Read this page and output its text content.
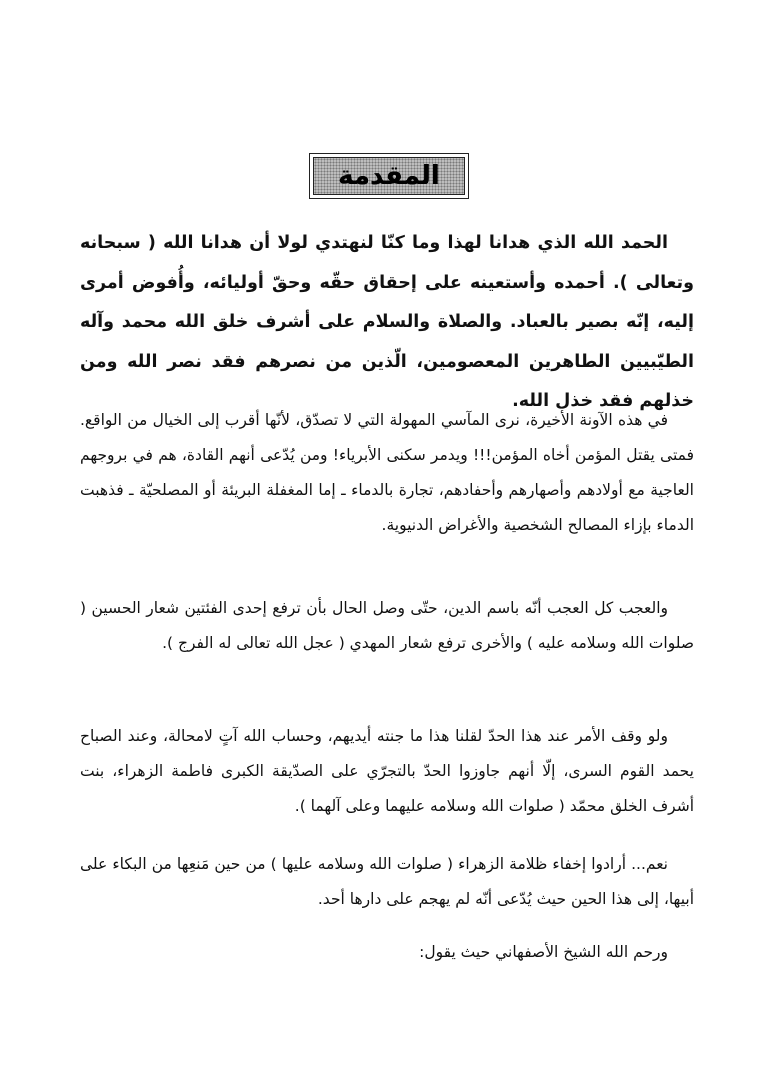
المقدمة

الحمد الله الذي هدانا لهذا وما كنّا لنهتدي لولا أن هدانا الله ( سبحانه وتعالى ). أحمده وأستعينه على إحقاق حقّه وحقّ أوليائه، وأُفوض أمرى إليه، إنّه بصير بالعباد. والصلاة والسلام على أشرف خلق الله محمد وآله الطيّبيين الطاهرين المعصومين، الّذين من نصرهم فقد نصر الله ومن خذلهم فقد خذل الله.

في هذه الآونة الأخيرة، نرى المآسي المهولة التي لا تصدّق، لأنّها أقرب إلى الخيال من الواقع. فمتى يقتل المؤمن أخاه المؤمن!!! ويدمر سكنى الأبرياء! ومن يُدّعى أنهم القادة، هم في بروجهم العاجية مع أولادهم وأصهارهم وأحفادهم، تجارة بالدماء ـ إما المغفلة البريئة أو المصلحيّة ـ فذهبت الدماء بإزاء المصالح الشخصية والأغراض الدنيوية.

والعجب كل العجب أنّه باسم الدين، حتّى وصل الحال بأن ترفع إحدى الفئتين شعار الحسين ( صلوات الله وسلامه عليه ) والأخرى ترفع شعار المهدي ( عجل الله تعالى له الفرج ).

ولو وقف الأمر عند هذا الحدّ لقلنا هذا ما جنته أيديهم، وحساب الله آتٍ لامحالة، وعند الصباح يحمد القوم السرى، إلّا أنهم جاوزوا الحدّ بالتجرّي على الصدّيقة الكبرى فاطمة الزهراء، بنت أشرف الخلق محمّد ( صلوات الله وسلامه عليهما وعلى آلهما ).

نعم... أرادوا إخفاء ظلامة الزهراء ( صلوات الله وسلامه عليها ) من حين مَنعِها من البكاء على أبيها، إلى هذا الحين حيث يُدّعى أنّه لم يهجم على دارها أحد.

ورحم الله الشيخ الأصفهاني حيث يقول:
